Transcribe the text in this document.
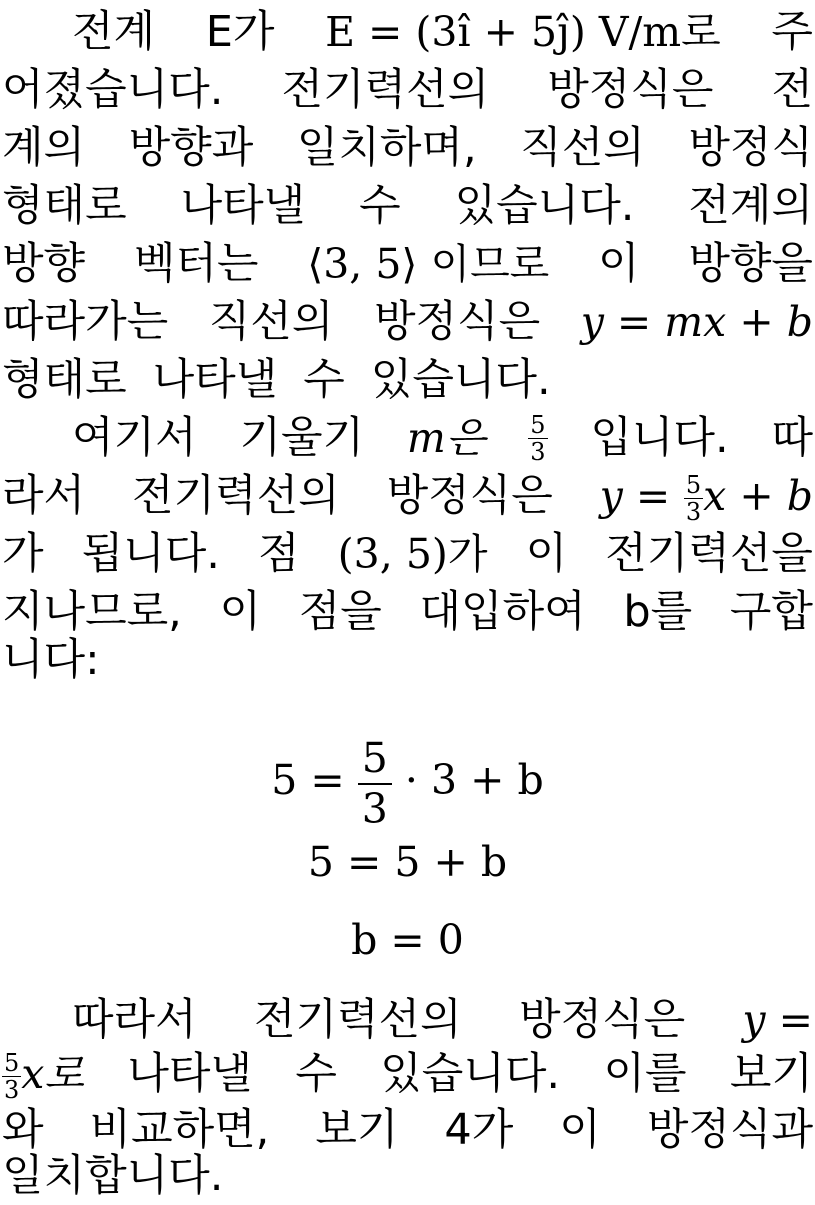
전계 E가 E = (3î + 5ĵ) V/m로 주
어졌습니다. 전기력선의 방정식은 전
계의 방향과 일치하며, 직선의 방정식
형태로 나타낼 수 있습니다. 전계의
방향 벡터는 ⟨3, 5⟩ 이므로 이 방향을
따라가는 직선의 방정식은 y = mx + b
형태로 나타낼 수 있습니다.
여기서 기울기 m은 5
3 입니다. 따
라서 전기력선의 방정식은 $y = \frac{5}{3}$ x + b
가 됩니다. 점 (3, 5)가 이 전기력선을
지나므로, 이 점을 대입하여 b를 구합
니다:
$5 = \frac{5}{3} \cdot 3 + b$
5 = 5 + b
b = 0
따라서 전기력선의 방정식은 y =
$\frac{5}{3}$ x로 나타낼 수 있습니다. 이를 보기
와 비교하면, 보기 4가 이 방정식과
일치합니다.
